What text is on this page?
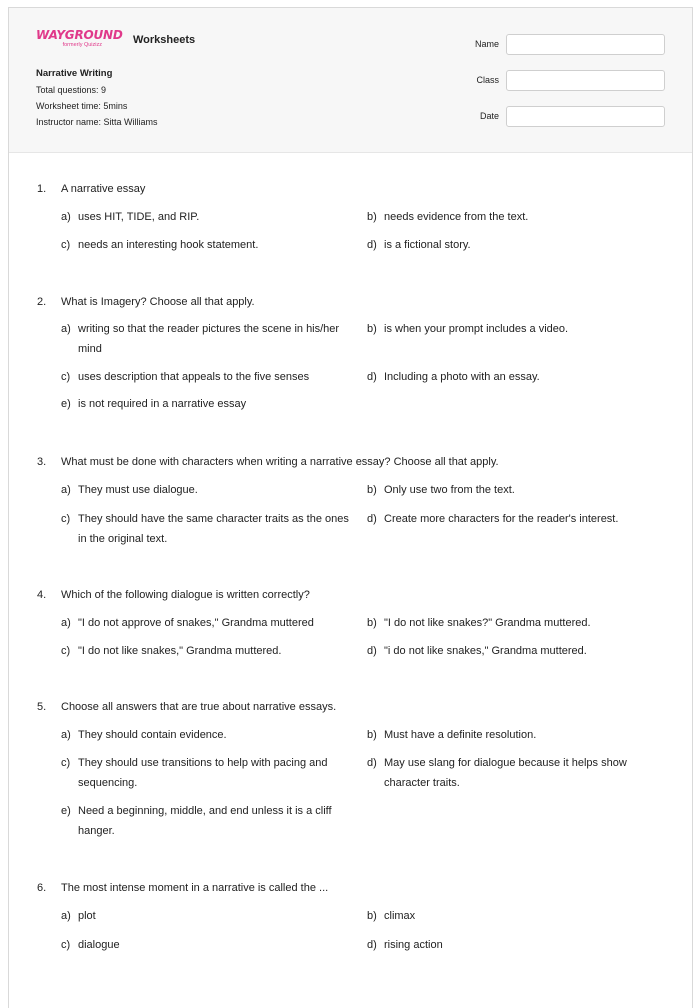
WAYGROUND
formerly Quizizz	Worksheets
Narrative Writing
Total questions: 9
Worksheet time: 5mins
Instructor name: Sitta Williams
Name
Class
Date
1. A narrative essay
a) uses HIT, TIDE, and RIP.	b) needs evidence from the text.
c) needs an interesting hook statement.	d) is a fictional story.
2. What is Imagery? Choose all that apply.
a) writing so that the reader pictures the scene in his/her mind
b) is when your prompt includes a video.
c) uses description that appeals to the five senses	d) Including a photo with an essay.
e) is not required in a narrative essay
3. What must be done with characters when writing a narrative essay? Choose all that apply.
a) They must use dialogue.	b) Only use two from the text.
c) They should have the same character traits as the ones in the original text.
d) Create more characters for the reader's interest.
4. Which of the following dialogue is written correctly?
a) "I do not approve of snakes," Grandma muttered	b) "I do not like snakes?" Grandma muttered.
c) "I do not like snakes," Grandma muttered.	d) "i do not like snakes," Grandma muttered.
5. Choose all answers that are true about narrative essays.
a) They should contain evidence.	b) Must have a definite resolution.
c) They should use transitions to help with pacing and sequencing.
d) May use slang for dialogue because it helps show character traits.
e) Need a beginning, middle, and end unless it is a cliff hanger.
6. The most intense moment in a narrative is called the ...
a) plot	b) climax
c) dialogue	d) rising action
